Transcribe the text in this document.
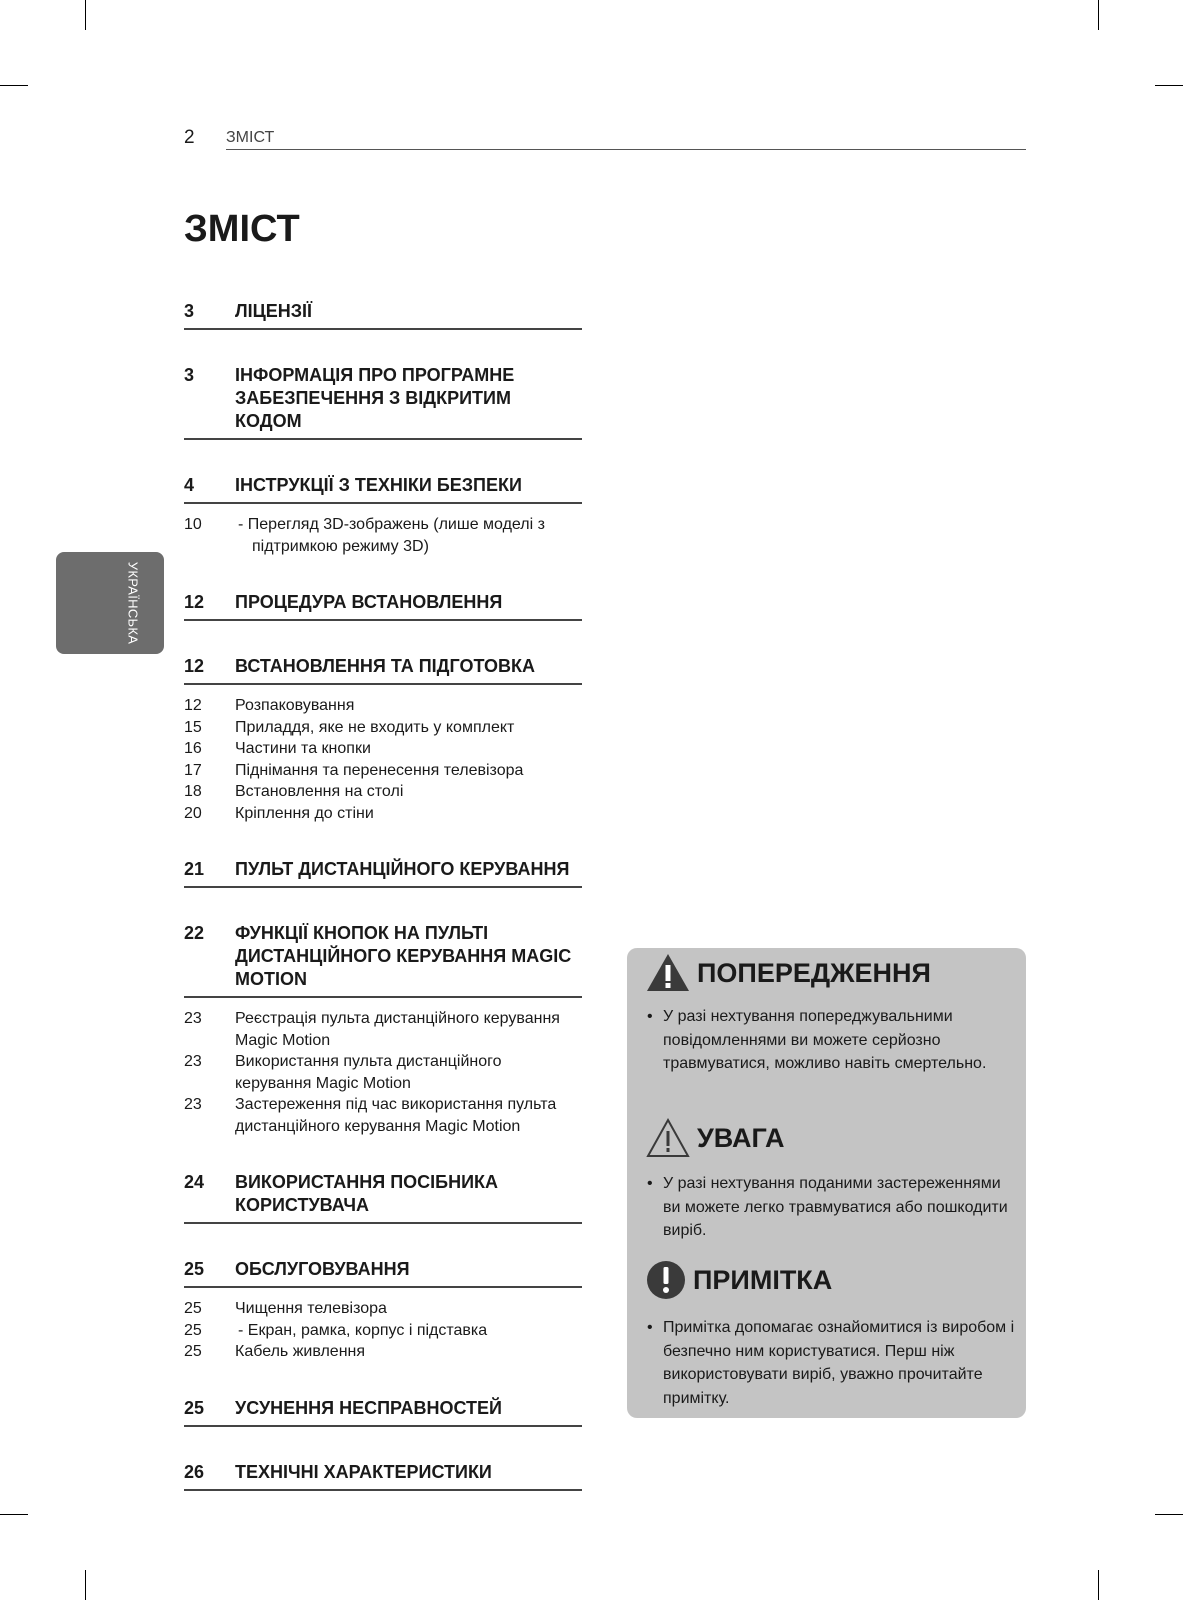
2 ЗМІСТ
ЗМІСТ
УКРАЇНСЬКА
3	ЛІЦЕНЗІЇ
3	ІНФОРМАЦІЯ ПРО ПРОГРАМНЕ ЗАБЕЗПЕЧЕННЯ З ВІДКРИТИМ КОДОМ
4	ІНСТРУКЦІЇ З ТЕХНІКИ БЕЗПЕКИ
10	- Перегляд 3D-зображень (лише моделі з підтримкою режиму 3D)
12	ПРОЦЕДУРА ВСТАНОВЛЕННЯ
12	ВСТАНОВЛЕННЯ ТА ПІДГОТОВКА
12	Розпаковування
15	Приладдя, яке не входить у комплект
16	Частини та кнопки
17	Піднімання та перенесення телевізора
18	Встановлення на столі
20	Кріплення до стіни
21	ПУЛЬТ ДИСТАНЦІЙНОГО КЕРУВАННЯ
22	ФУНКЦІЇ КНОПОК НА ПУЛЬТІ ДИСТАНЦІЙНОГО КЕРУВАННЯ MAGIC MOTION
23	Реєстрація пульта дистанційного керування Magic Motion
23	Використання пульта дистанційного керування Magic Motion
23	Застереження під час використання пульта дистанційного керування Magic Motion
24	ВИКОРИСТАННЯ ПОСІБНИКА КОРИСТУВАЧА
25	ОБСЛУГОВУВАННЯ
25	Чищення телевізора
25	- Екран, рамка, корпус і підставка
25	Кабель живлення
25	УСУНЕННЯ НЕСПРАВНОСТЕЙ
26	ТЕХНІЧНІ ХАРАКТЕРИСТИКИ
ПОПЕРЕДЖЕННЯ
• У разі нехтування попереджувальними повідомленнями ви можете серйозно травмуватися, можливо навіть смертельно.
УВАГА
• У разі нехтування поданими застереженнями ви можете легко травмуватися або пошкодити виріб.
ПРИМІТКА
• Примітка допомагає ознайомитися із виробом і безпечно ним користуватися. Перш ніж використовувати виріб, уважно прочитайте примітку.
